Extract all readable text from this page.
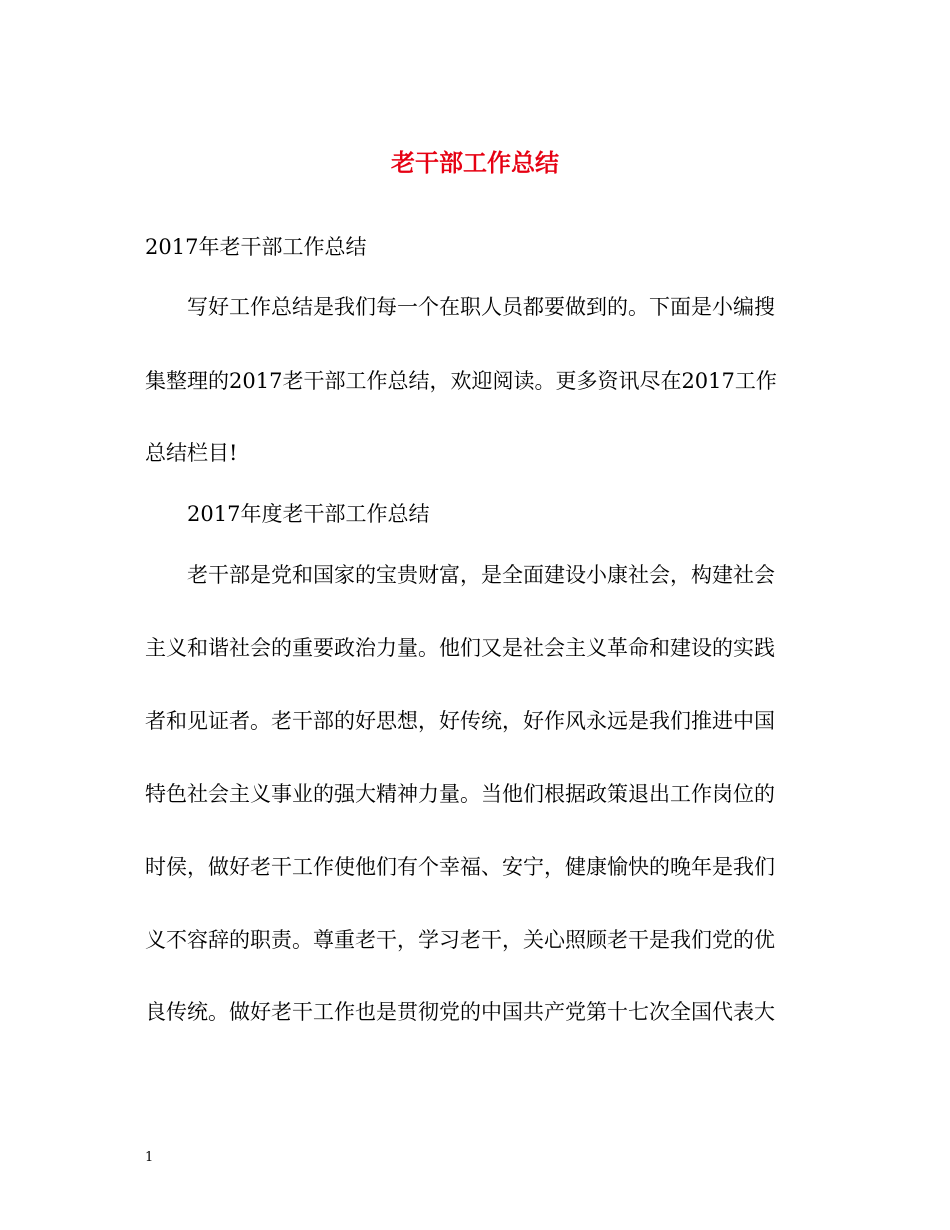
老干部工作总结

2017年老干部工作总结

写好工作总结是我们每一个在职人员都要做到的。下面是小编搜

集整理的2017老干部工作总结，欢迎阅读。更多资讯尽在2017工作

总结栏目!

2017年度老干部工作总结

老干部是党和国家的宝贵财富，是全面建设小康社会，构建社会

主义和谐社会的重要政治力量。他们又是社会主义革命和建设的实践

者和见证者。老干部的好思想，好传统，好作风永远是我们推进中国

特色社会主义事业的强大精神力量。当他们根据政策退出工作岗位的

时侯，做好老干工作使他们有个幸福、安宁，健康愉快的晚年是我们

义不容辞的职责。尊重老干，学习老干，关心照顾老干是我们党的优

良传统。做好老干工作也是贯彻党的中国共产党第十七次全国代表大

1
